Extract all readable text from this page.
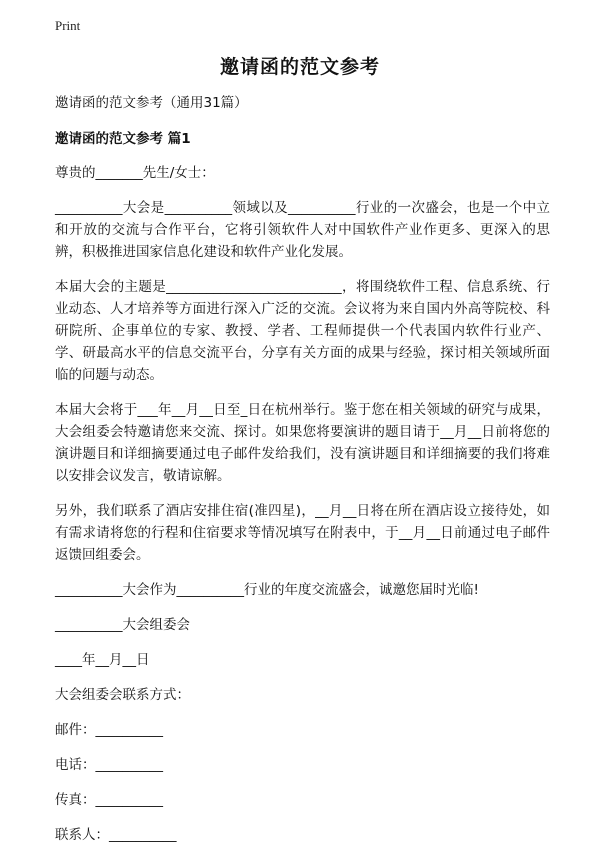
Print
邀请函的范文参考

邀请函的范文参考（通用31篇）

邀请函的范文参考 篇1

尊贵的_______先生/女士：

__________大会是__________领域以及__________行业的一次盛会，也是一个中立和开放的交流与合作平台，它将引领软件人对中国软件产业作更多、更深入的思辨，积极推进国家信息化建设和软件产业化发展。

本届大会的主题是__________________________，将围绕软件工程、信息系统、行业动态、人才培养等方面进行深入广泛的交流。会议将为来自国内外高等院校、科研院所、企事单位的专家、教授、学者、工程师提供一个代表国内软件行业产、学、研最高水平的信息交流平台，分享有关方面的成果与经验，探讨相关领域所面临的问题与动态。

本届大会将于___年__月__日至_日在杭州举行。鉴于您在相关领域的研究与成果，大会组委会特邀请您来交流、探讨。如果您将要演讲的题目请于__月__日前将您的演讲题目和详细摘要通过电子邮件发给我们，没有演讲题目和详细摘要的我们将难以安排会议发言，敬请谅解。

另外，我们联系了酒店安排住宿(准四星)，__月__日将在所在酒店设立接待处，如有需求请将您的行程和住宿要求等情况填写在附表中，于__月__日前通过电子邮件返馈回组委会。

__________大会作为__________行业的年度交流盛会，诚邀您届时光临!

__________大会组委会

____年__月__日

大会组委会联系方式：

邮件：__________

电话：__________

传真：__________

联系人：__________
